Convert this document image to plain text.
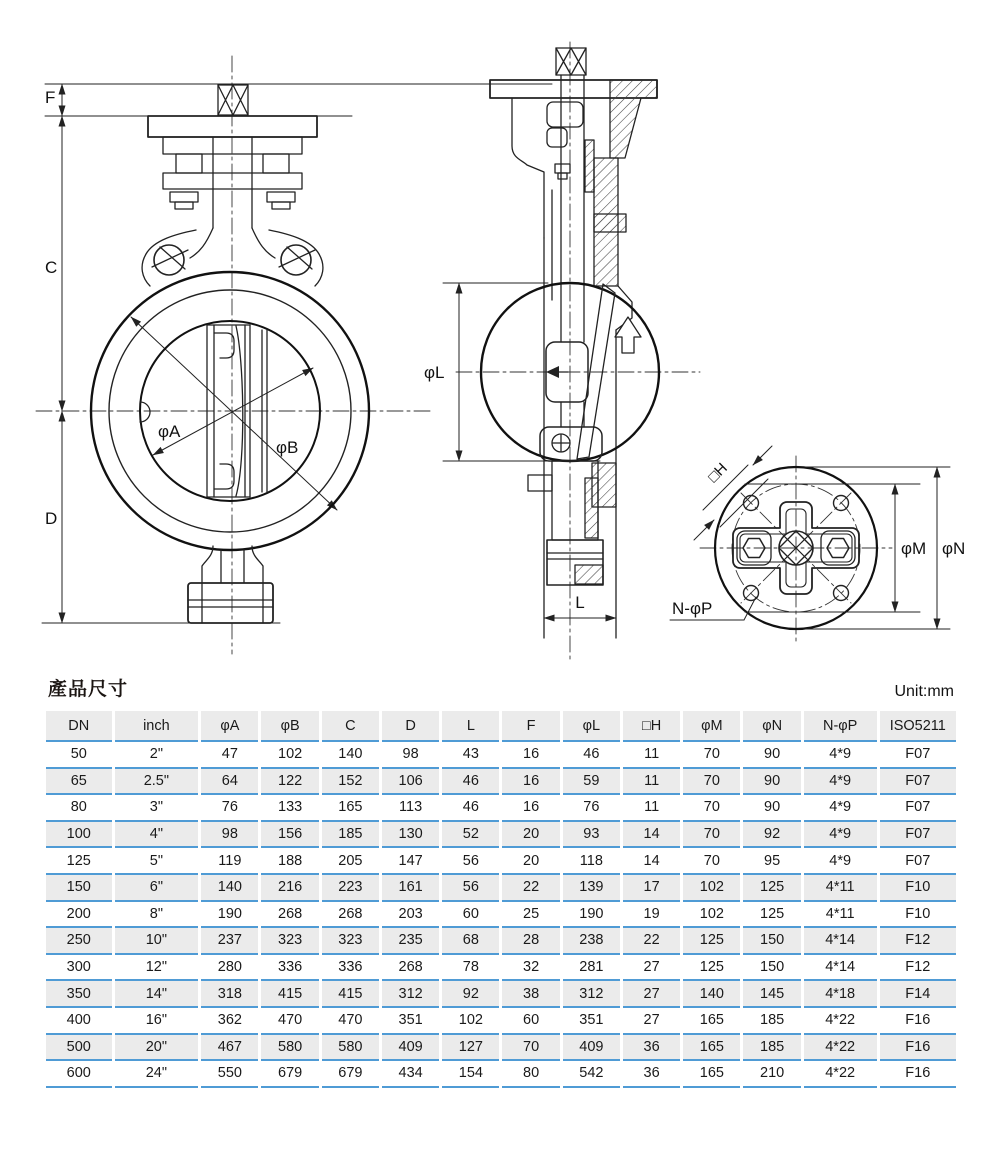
F
C
D
φA
φB
φL
L
φM φN
□H
N-φP
產品尺寸	Unit:mm
DN	inch	φA	φB	C	D	L	F	φL	□H	φM	φN	N-φP	ISO5211
50	2"	47	102	140	98	43	16	46	11	70	90	4*9	F07
65	2.5"	64	122	152	106	46	16	59	11	70	90	4*9	F07
80	3"	76	133	165	113	46	16	76	11	70	90	4*9	F07
100	4"	98	156	185	130	52	20	93	14	70	92	4*9	F07
125	5"	119	188	205	147	56	20	118	14	70	95	4*9	F07
150	6"	140	216	223	161	56	22	139	17	102	125	4*11	F10
200	8"	190	268	268	203	60	25	190	19	102	125	4*11	F10
250	10"	237	323	323	235	68	28	238	22	125	150	4*14	F12
300	12"	280	336	336	268	78	32	281	27	125	150	4*14	F12
350	14"	318	415	415	312	92	38	312	27	140	145	4*18	F14
400	16"	362	470	470	351	102	60	351	27	165	185	4*22	F16
500	20"	467	580	580	409	127	70	409	36	165	185	4*22	F16
600	24"	550	679	679	434	154	80	542	36	165	210	4*22	F16
